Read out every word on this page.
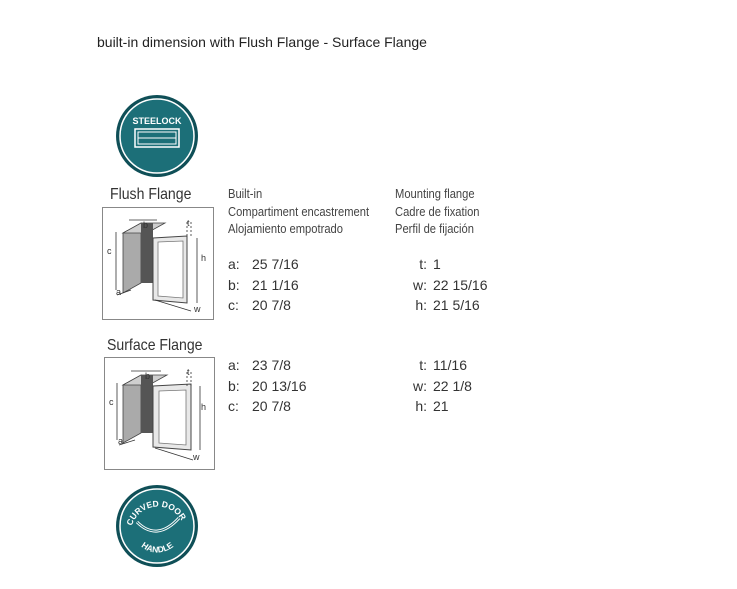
built-in dimension with Flush Flange - Surface Flange
STEELOCK
Built-in
Compartiment encastrement
Alojamiento empotrado
Mounting flange
Cadre de fixation
Perfil de fijación
Flush Flange
c
b	t
h
w
a
a: 25 7/16
b: 21 1/16
c: 20 7/8
t: 1
w: 22 15/16
h: 21 5/16
Surface Flange
c
b	t
h
w
a
a: 23 7/8
b: 20 13/16
c: 20 7/8
t: 11/16
w: 22 1/8
h: 21
CURVED DOOR
HANDLE
